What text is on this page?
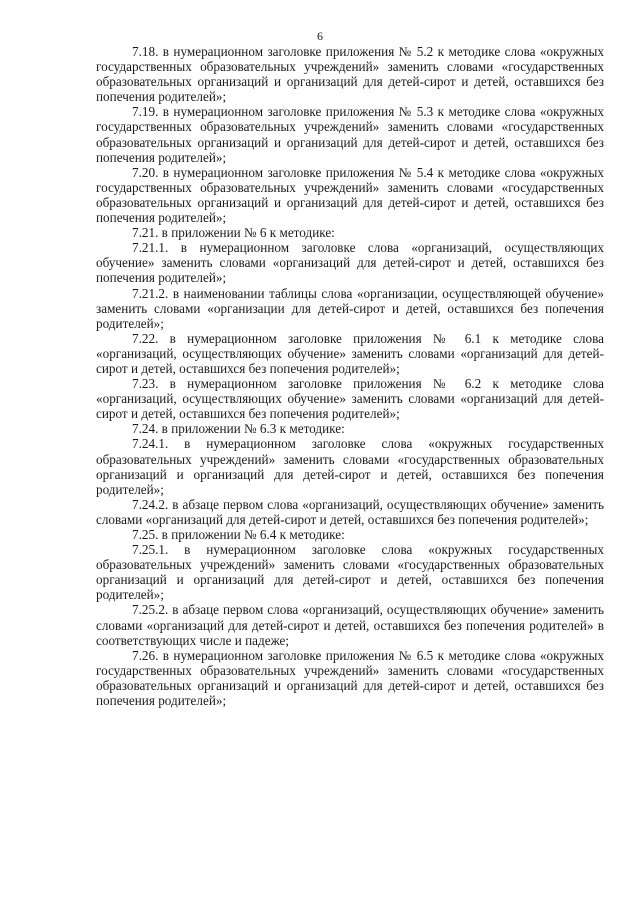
6

7.18. в нумерационном заголовке приложения № 5.2 к методике слова «окружных государственных образовательных учреждений» заменить словами «государственных образовательных организаций и организаций для детей-сирот и детей, оставшихся без попечения родителей»;

7.19. в нумерационном заголовке приложения № 5.3 к методике слова «окружных государственных образовательных учреждений» заменить словами «государственных образовательных организаций и организаций для детей-сирот и детей, оставшихся без попечения родителей»;

7.20. в нумерационном заголовке приложения № 5.4 к методике слова «окружных государственных образовательных учреждений» заменить словами «государственных образовательных организаций и организаций для детей-сирот и детей, оставшихся без попечения родителей»;

7.21. в приложении № 6 к методике:

7.21.1. в нумерационном заголовке слова «организаций, осуществляющих обучение» заменить словами «организаций для детей-сирот и детей, оставшихся без попечения родителей»;

7.21.2. в наименовании таблицы слова «организации, осуществляющей обучение» заменить словами «организации для детей-сирот и детей, оставшихся без попечения родителей»;

7.22. в нумерационном заголовке приложения № 6.1 к методике слова «организаций, осуществляющих обучение» заменить словами «организаций для детей-сирот и детей, оставшихся без попечения родителей»;

7.23. в нумерационном заголовке приложения № 6.2 к методике слова «организаций, осуществляющих обучение» заменить словами «организаций для детей-сирот и детей, оставшихся без попечения родителей»;

7.24. в приложении № 6.3 к методике:

7.24.1. в нумерационном заголовке слова «окружных государственных образовательных учреждений» заменить словами «государственных образовательных организаций и организаций для детей-сирот и детей, оставшихся без попечения родителей»;

7.24.2. в абзаце первом слова «организаций, осуществляющих обучение» заменить словами «организаций для детей-сирот и детей, оставшихся без попечения родителей»;

7.25. в приложении № 6.4 к методике:

7.25.1. в нумерационном заголовке слова «окружных государственных образовательных учреждений» заменить словами «государственных образовательных организаций и организаций для детей-сирот и детей, оставшихся без попечения родителей»;

7.25.2. в абзаце первом слова «организаций, осуществляющих обучение» заменить словами «организаций для детей-сирот и детей, оставшихся без попечения родителей» в соответствующих числе и падеже;

7.26. в нумерационном заголовке приложения № 6.5 к методике слова «окружных государственных образовательных учреждений» заменить словами «государственных образовательных организаций и организаций для детей-сирот и детей, оставшихся без попечения родителей»;
